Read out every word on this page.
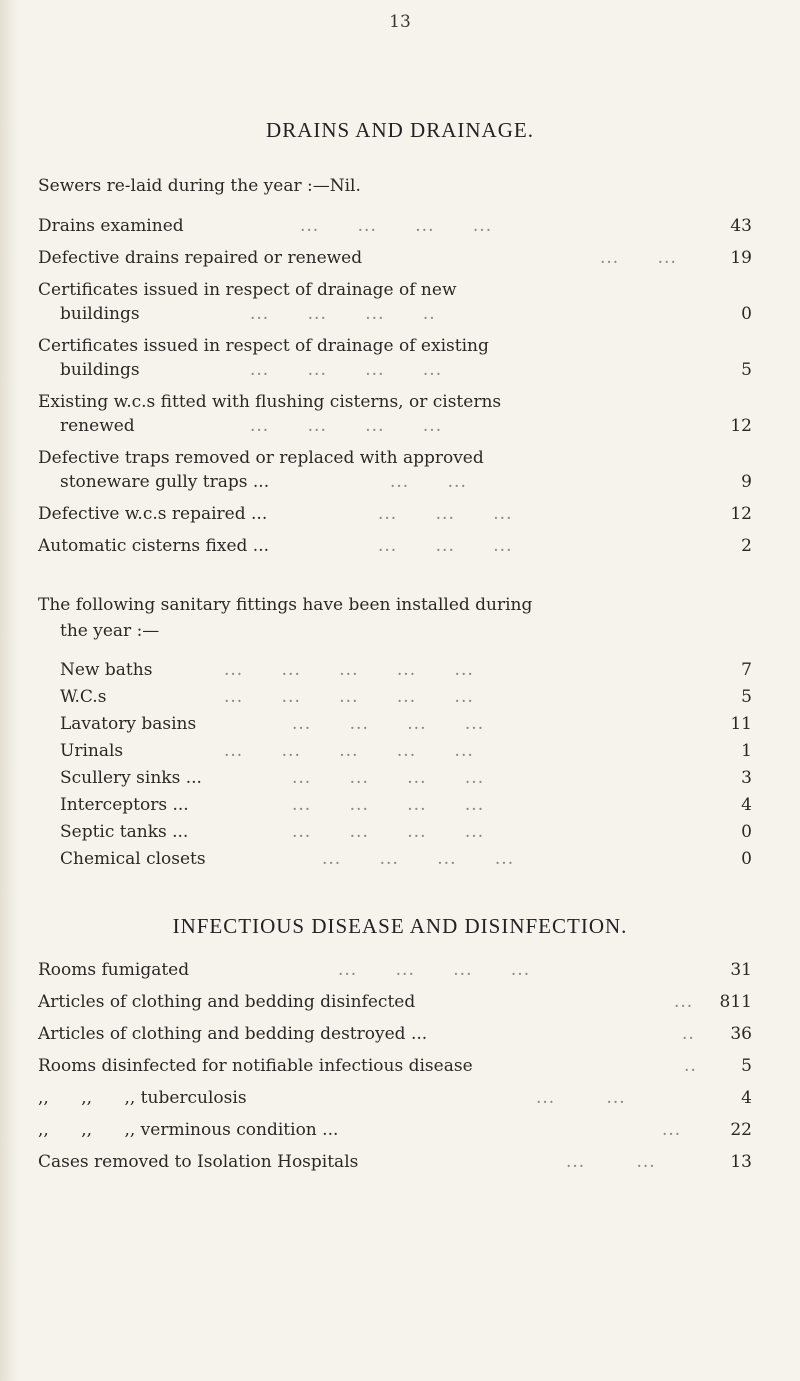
13
DRAINS AND DRAINAGE.
Sewers re-laid during the year :—Nil.
Drains examined	...      ...      ...      ...	43
Defective drains repaired or renewed	...      ...	19
Certificates issued in respect of drainage of new
buildings	...      ...      ...      ..	0
Certificates issued in respect of drainage of existing
buildings	...      ...      ...      ...	5
Existing w.c.s fitted with flushing cisterns, or cisterns
renewed	...      ...      ...      ...	12
Defective traps removed or replaced with approved
stoneware gully traps ...	...      ...	9
Defective w.c.s repaired ...	...      ...      ...	12
Automatic cisterns fixed ...	...      ...      ...	2
The following sanitary fittings have been installed during
the year :—
New baths	...      ...      ...      ...      ...	7
W.C.s	...      ...      ...      ...      ...	5
Lavatory basins	...      ...      ...      ...	11
Urinals	...      ...      ...      ...      ...	1
Scullery sinks ...	...      ...      ...      ...	3
Interceptors ...	...      ...      ...      ...	4
Septic tanks ...	...      ...      ...      ...	0
Chemical closets	...      ...      ...      ...	0
INFECTIOUS DISEASE AND DISINFECTION.
Rooms fumigated	...      ...      ...      ...	31
Articles of clothing and bedding disinfected	... 811
Articles of clothing and bedding destroyed ...	..	36
Rooms disinfected for notifiable infectious disease	..	5
,,      ,,      ,, tuberculosis	...        ...	4
,,      ,,      ,, verminous condition ...	...	22
Cases removed to Isolation Hospitals	...        ...	13
